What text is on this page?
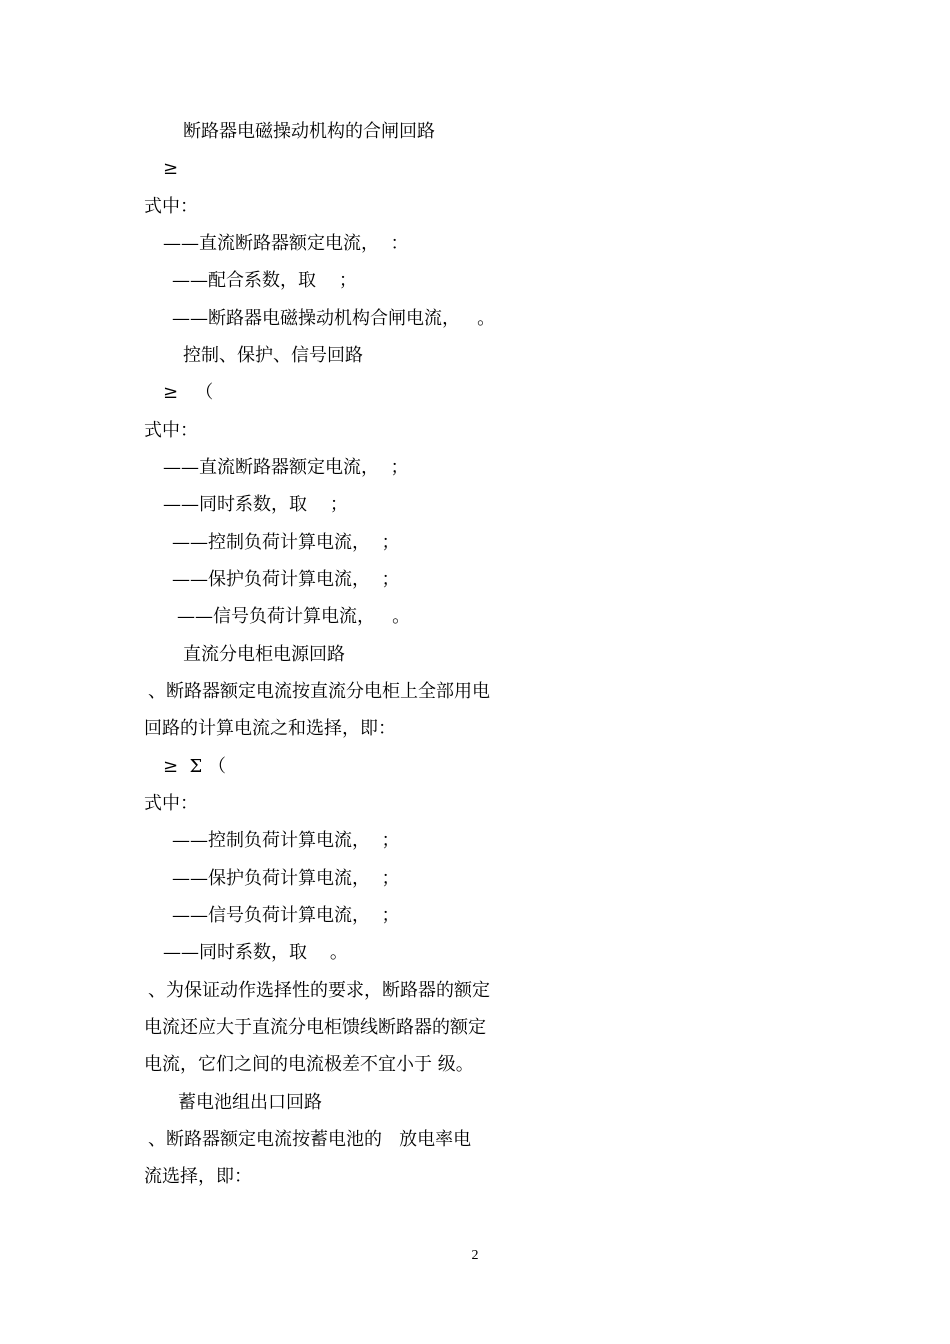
断路器电磁操动机构的合闸回路
≥
式中：
——直流断路器额定电流，  ：
——配合系数，取    ；
——断路器电磁操动机构合闸电流，   。
控制、保护、信号回路
≥   （
式中：
——直流断路器额定电流，  ；
——同时系数，取    ；
——控制负荷计算电流，  ；
——保护负荷计算电流，  ；
——信号负荷计算电流，   。
直流分电柜电源回路
、断路器额定电流按直流分电柜上全部用电
回路的计算电流之和选择，即：
≥  Σ （
式中：
——控制负荷计算电流，  ；
——保护负荷计算电流，  ；
——信号负荷计算电流，  ；
——同时系数，取    。
、为保证动作选择性的要求，断路器的额定
电流还应大于直流分电柜馈线断路器的额定
电流，它们之间的电流极差不宜小于 级。
蓄电池组出口回路
、断路器额定电流按蓄电池的   放电率电
流选择，即：
2
